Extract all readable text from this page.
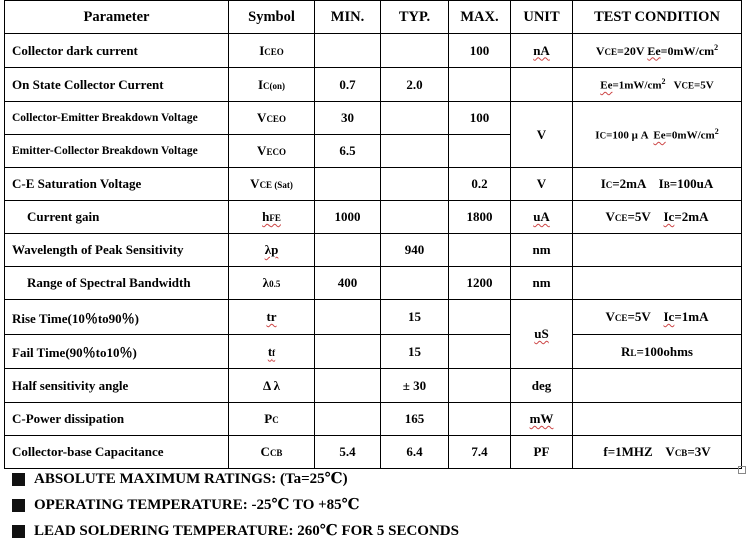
Parameter	Symbol	MIN.	TYP.	MAX.	UNIT	TEST CONDITION
Collector dark current	ICEO			100	nA	VCE=20V $Ee=0mW/cm^2$
On State Collector Current	IC(on)	0.7	2.0			$Ee=1mW/cm^2$   VCE=5V
Collector-Emitter Breakdown Voltage	VCEO	30		100	V	IC=100 μ A  $Ee=0mW/cm^2$
Emitter-Collector Breakdown Voltage	VECO	6.5				
C-E Saturation Voltage	VCE (Sat)			0.2	V	IC=2mA    IB=100uA
Current gain	hFE	1000		1800	uA	VCE=5V    Ic=2mA
Wavelength of Peak Sensitivity	λp		940		nm	
Range of Spectral Bandwidth	λ0.5	400		1200	nm	
Rise Time(10％to90％)	tr		15		uS	VCE=5V    Ic=1mA
Fail Time(90％to10％)	tf		15			RL=100ohms
Half sensitivity angle	Δ λ		± 30		deg	
C-Power dissipation	PC		165		mW	
Collector-base Capacitance	CCB	5.4	6.4	7.4	PF	f=1MHZ    VCB=3V
ABSOLUTE MAXIMUM RATINGS: (Ta=25℃)
OPERATING TEMPERATURE: -25℃ TO +85℃
LEAD SOLDERING TEMPERATURE: 260℃ FOR 5 SECONDS
